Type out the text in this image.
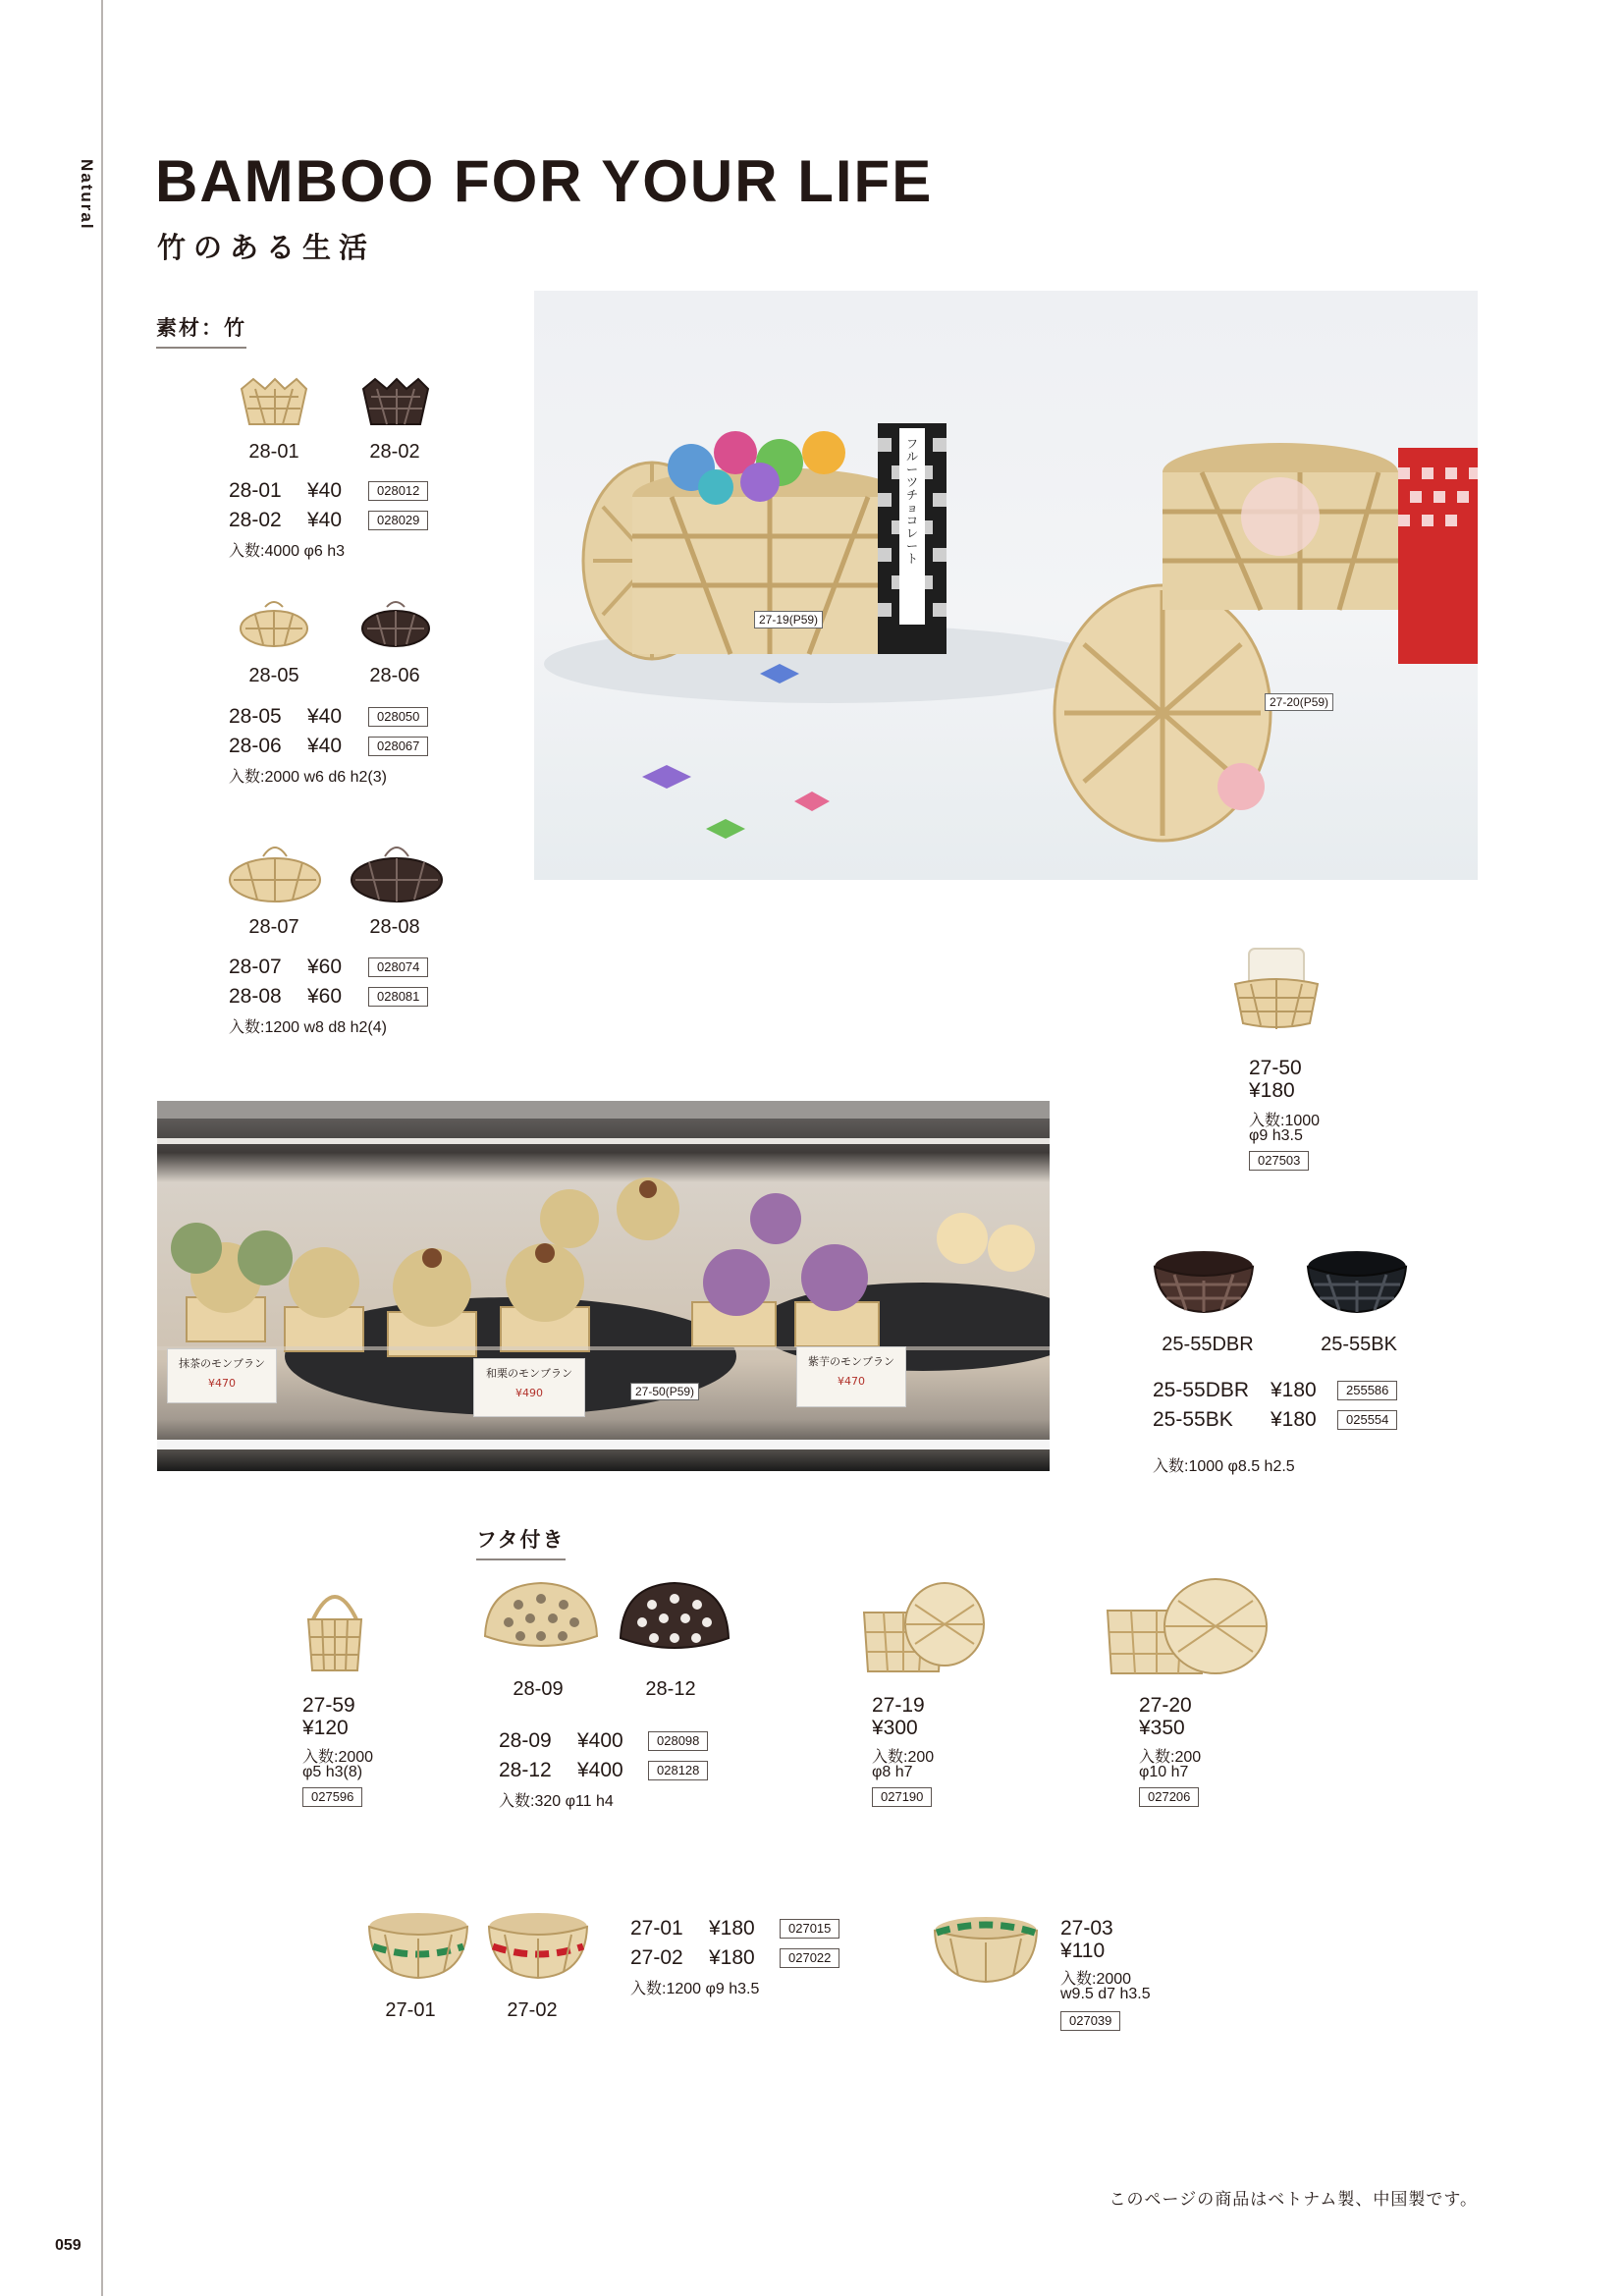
Natural
059
BAMBOO FOR YOUR LIFE
竹のある生活
素材：竹
28-01	28-02
28-01 ¥40	028012
28-02 ¥40	028029
入数:4000 φ6 h3
28-05	28-06
28-05 ¥40	028050
28-06 ¥40	028067
入数:2000 w6 d6 h2(3)
28-07	28-08
28-07 ¥60	028074
28-08 ¥60	028081
入数:1200 w8 d8 h2(4)
27-19(P59)
27-20(P59)
フルーツチョコレート
27-50
¥180
入数:1000
φ9 h3.5
027503
抹茶のモンブラン
¥470
和栗のモンブラン
¥490
紫芋のモンブラン
¥470
27-50(P59)
25-55DBR	25-55BK
25-55DBR ¥180 255586
25-55BK ¥180 025554
入数:1000 φ8.5 h2.5
フタ付き
27-59
¥120
入数:2000
φ5 h3(8)
027596
28-09	28-12
28-09 ¥400	028098
28-12 ¥400	028128
入数:320 φ11 h4
27-19
¥300
入数:200
φ8 h7
027190
27-20
¥350
入数:200
φ10 h7
027206
27-01	27-02
27-01 ¥180	027015
27-02 ¥180	027022
入数:1200 φ9 h3.5
27-03
¥110
入数:2000
w9.5 d7 h3.5
027039
このページの商品はベトナム製、中国製です。
